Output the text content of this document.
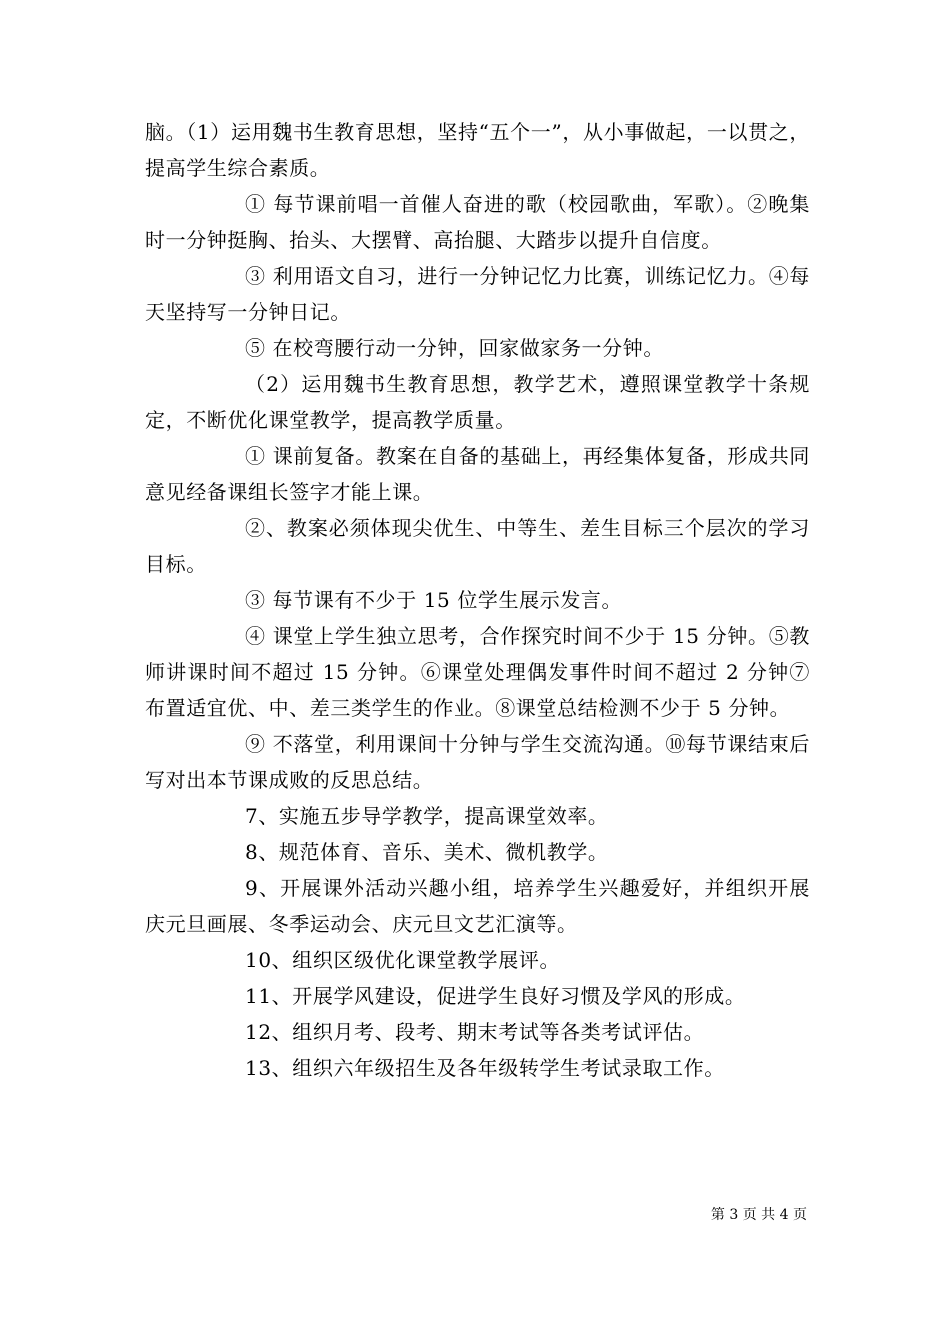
脑。（1）运用魏书生教育思想，坚持“五个一”，从小事做起，一以贯之，提高学生综合素质。

① 每节课前唱一首催人奋进的歌（校园歌曲，军歌）。②晚集时一分钟挺胸、抬头、大摆臂、高抬腿、大踏步以提升自信度。

③ 利用语文自习，进行一分钟记忆力比赛，训练记忆力。④每天坚持写一分钟日记。

⑤ 在校弯腰行动一分钟，回家做家务一分钟。

（2）运用魏书生教育思想，教学艺术，遵照课堂教学十条规定，不断优化课堂教学，提高教学质量。

① 课前复备。教案在自备的基础上，再经集体复备，形成共同意见经备课组长签字才能上课。

②、教案必须体现尖优生、中等生、差生目标三个层次的学习目标。

③ 每节课有不少于 15 位学生展示发言。

④ 课堂上学生独立思考，合作探究时间不少于 15 分钟。⑤教师讲课时间不超过 15 分钟。⑥课堂处理偶发事件时间不超过 2 分钟⑦布置适宜优、中、差三类学生的作业。⑧课堂总结检测不少于 5 分钟。

⑨ 不落堂，利用课间十分钟与学生交流沟通。⑩每节课结束后写对出本节课成败的反思总结。

7、实施五步导学教学，提高课堂效率。

8、规范体育、音乐、美术、微机教学。

9、开展课外活动兴趣小组，培养学生兴趣爱好，并组织开展庆元旦画展、冬季运动会、庆元旦文艺汇演等。

10、组织区级优化课堂教学展评。

11、开展学风建设，促进学生良好习惯及学风的形成。

12、组织月考、段考、期末考试等各类考试评估。

13、组织六年级招生及各年级转学生考试录取工作。

第 3 页 共 4 页
